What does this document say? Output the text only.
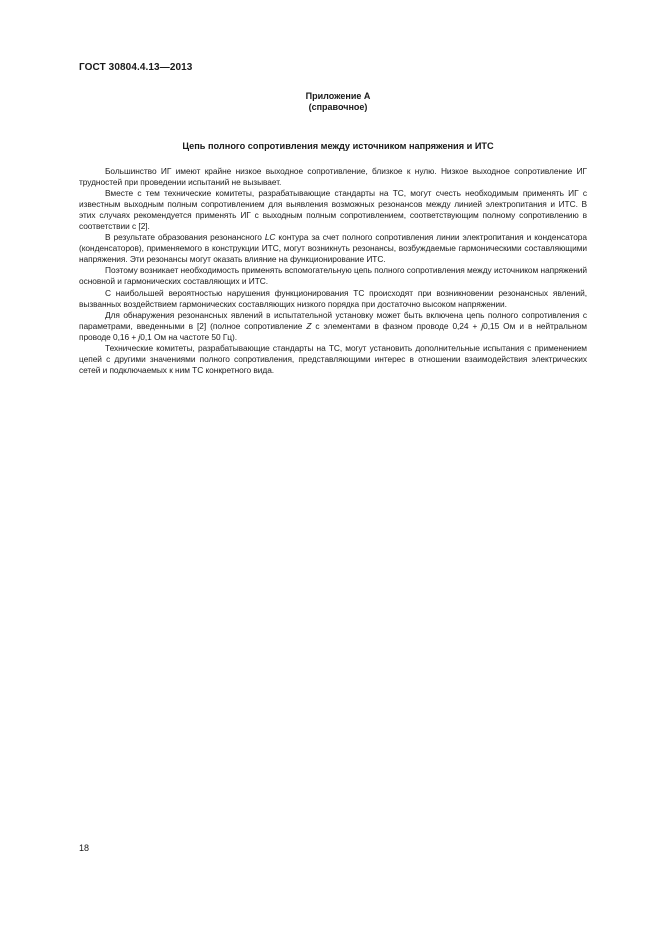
ГОСТ 30804.4.13—2013
Приложение А
(справочное)
Цепь полного сопротивления между источником напряжения и ИТС

Большинство ИГ имеют крайне низкое выходное сопротивление, близкое к нулю. Низкое выходное сопротивление ИГ трудностей при проведении испытаний не вызывает.

Вместе с тем технические комитеты, разрабатывающие стандарты на ТС, могут счесть необходимым применять ИГ с известным выходным полным сопротивлением для выявления возможных резонансов между линией электропитания и ИТС. В этих случаях рекомендуется применять ИГ с выходным полным сопротивлением, соответствующим полному сопротивлению в соответствии с [2].

В результате образования резонансного LC контура за счет полного сопротивления линии электропитания и конденсатора (конденсаторов), применяемого в конструкции ИТС, могут возникнуть резонансы, возбуждаемые гармоническими составляющими напряжения. Эти резонансы могут оказать влияние на функционирование ИТС.

Поэтому возникает необходимость применять вспомогательную цепь полного сопротивления между источником напряжений основной и гармонических составляющих и ИТС.

С наибольшей вероятностью нарушения функционирования ТС происходят при возникновении резонансных явлений, вызванных воздействием гармонических составляющих низкого порядка при достаточно высоком напряжении.

Для обнаружения резонансных явлений в испытательной установку может быть включена цепь полного сопротивления с параметрами, введенными в [2] (полное сопротивление Z с элементами в фазном проводе 0,24 + j0,15 Ом и в нейтральном проводе 0,16 + j0,1 Ом на частоте 50 Гц).

Технические комитеты, разрабатывающие стандарты на ТС, могут установить дополнительные испытания с применением цепей с другими значениями полного сопротивления, представляющими интерес в отношении взаимодействия электрических сетей и подключаемых к ним ТС конкретного вида.

18
